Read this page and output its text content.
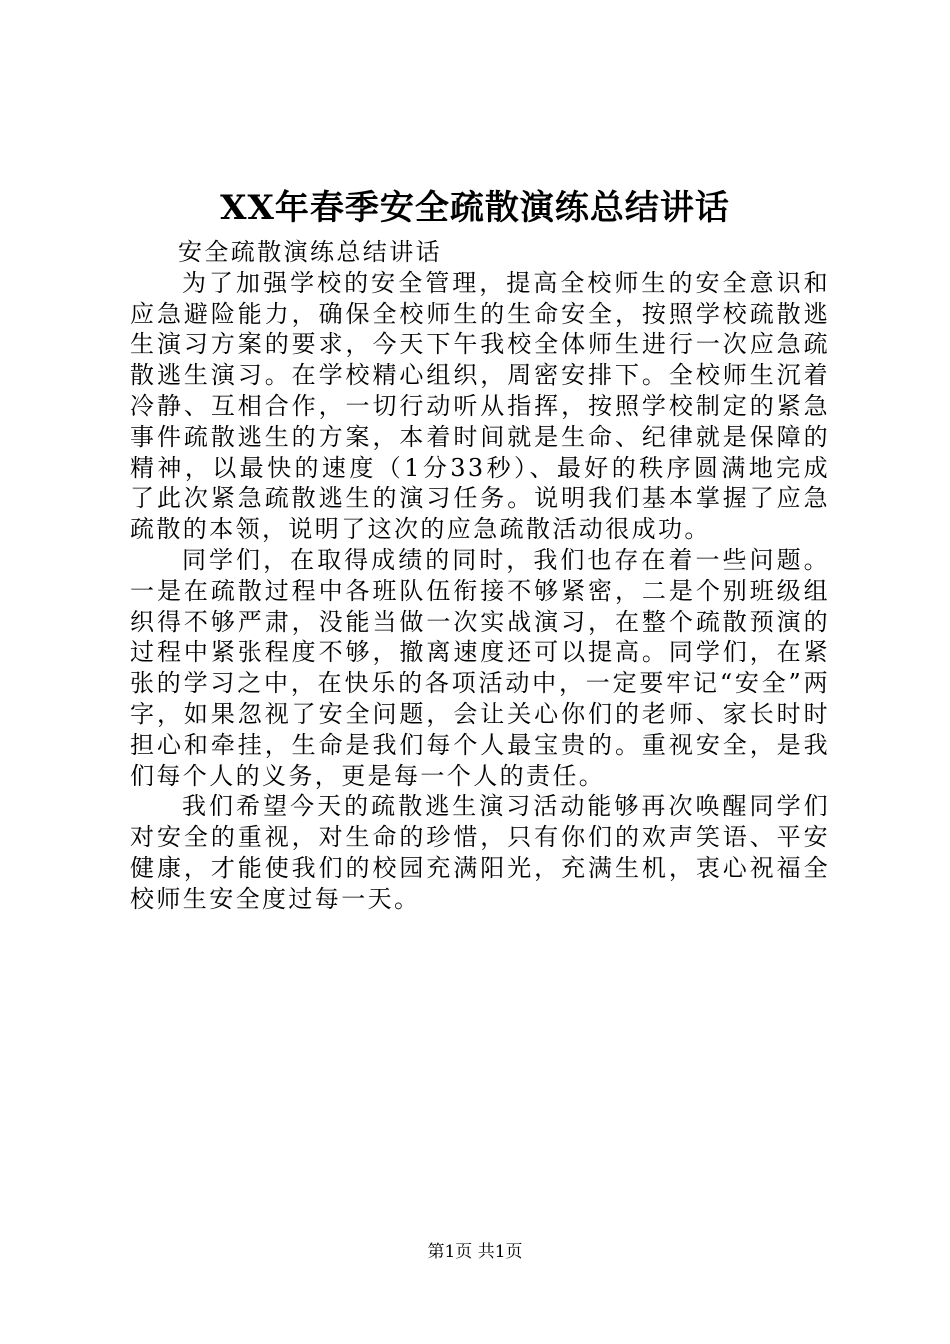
XX年春季安全疏散演练总结讲话

安全疏散演练总结讲话

为了加强学校的安全管理，提高全校师生的安全意识和应急避险能力，确保全校师生的生命安全，按照学校疏散逃生演习方案的要求，今天下午我校全体师生进行一次应急疏散逃生演习。在学校精心组织，周密安排下。全校师生沉着冷静、互相合作，一切行动听从指挥，按照学校制定的紧急事件疏散逃生的方案，本着时间就是生命、纪律就是保障的精神，以最快的速度（1分33秒）、最好的秩序圆满地完成了此次紧急疏散逃生的演习任务。说明我们基本掌握了应急疏散的本领，说明了这次的应急疏散活动很成功。

同学们，在取得成绩的同时，我们也存在着一些问题。一是在疏散过程中各班队伍衔接不够紧密，二是个别班级组织得不够严肃，没能当做一次实战演习，在整个疏散预演的过程中紧张程度不够，撤离速度还可以提高。同学们，在紧张的学习之中，在快乐的各项活动中，一定要牢记“安全”两字，如果忽视了安全问题，会让关心你们的老师、家长时时担心和牵挂，生命是我们每个人最宝贵的。重视安全，是我们每个人的义务，更是每一个人的责任。

我们希望今天的疏散逃生演习活动能够再次唤醒同学们对安全的重视，对生命的珍惜，只有你们的欢声笑语、平安健康，才能使我们的校园充满阳光，充满生机，衷心祝福全校师生安全度过每一天。

第1页 共1页
